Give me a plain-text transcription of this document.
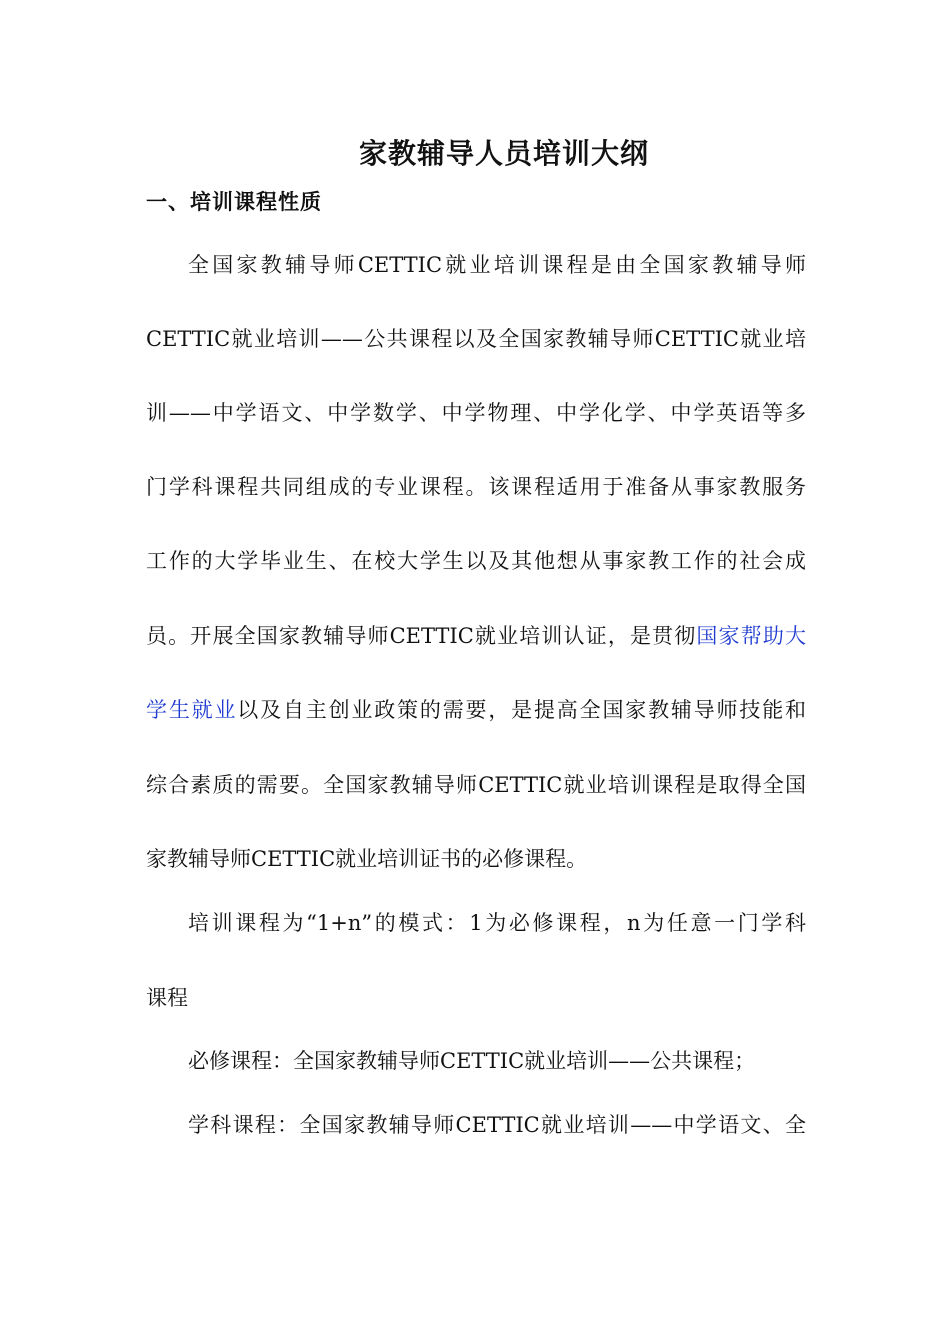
家教辅导人员培训大纲
一、培训课程性质
全国家教辅导师CETTIC就业培训课程是由全国家教辅导师
CETTIC就业培训——公共课程以及全国家教辅导师CETTIC就业培
训——中学语文、中学数学、中学物理、中学化学、中学英语等多
门学科课程共同组成的专业课程。该课程适用于准备从事家教服务
工作的大学毕业生、在校大学生以及其他想从事家教工作的社会成
员。开展全国家教辅导师CETTIC就业培训认证，是贯彻国家帮助大
学生就业以及自主创业政策的需要，是提高全国家教辅导师技能和
综合素质的需要。全国家教辅导师CETTIC就业培训课程是取得全国
家教辅导师CETTIC就业培训证书的必修课程。
培训课程为“1+n”的模式：1为必修课程，n为任意一门学科
课程
必修课程：全国家教辅导师CETTIC就业培训——公共课程；
学科课程：全国家教辅导师CETTIC就业培训——中学语文、全
